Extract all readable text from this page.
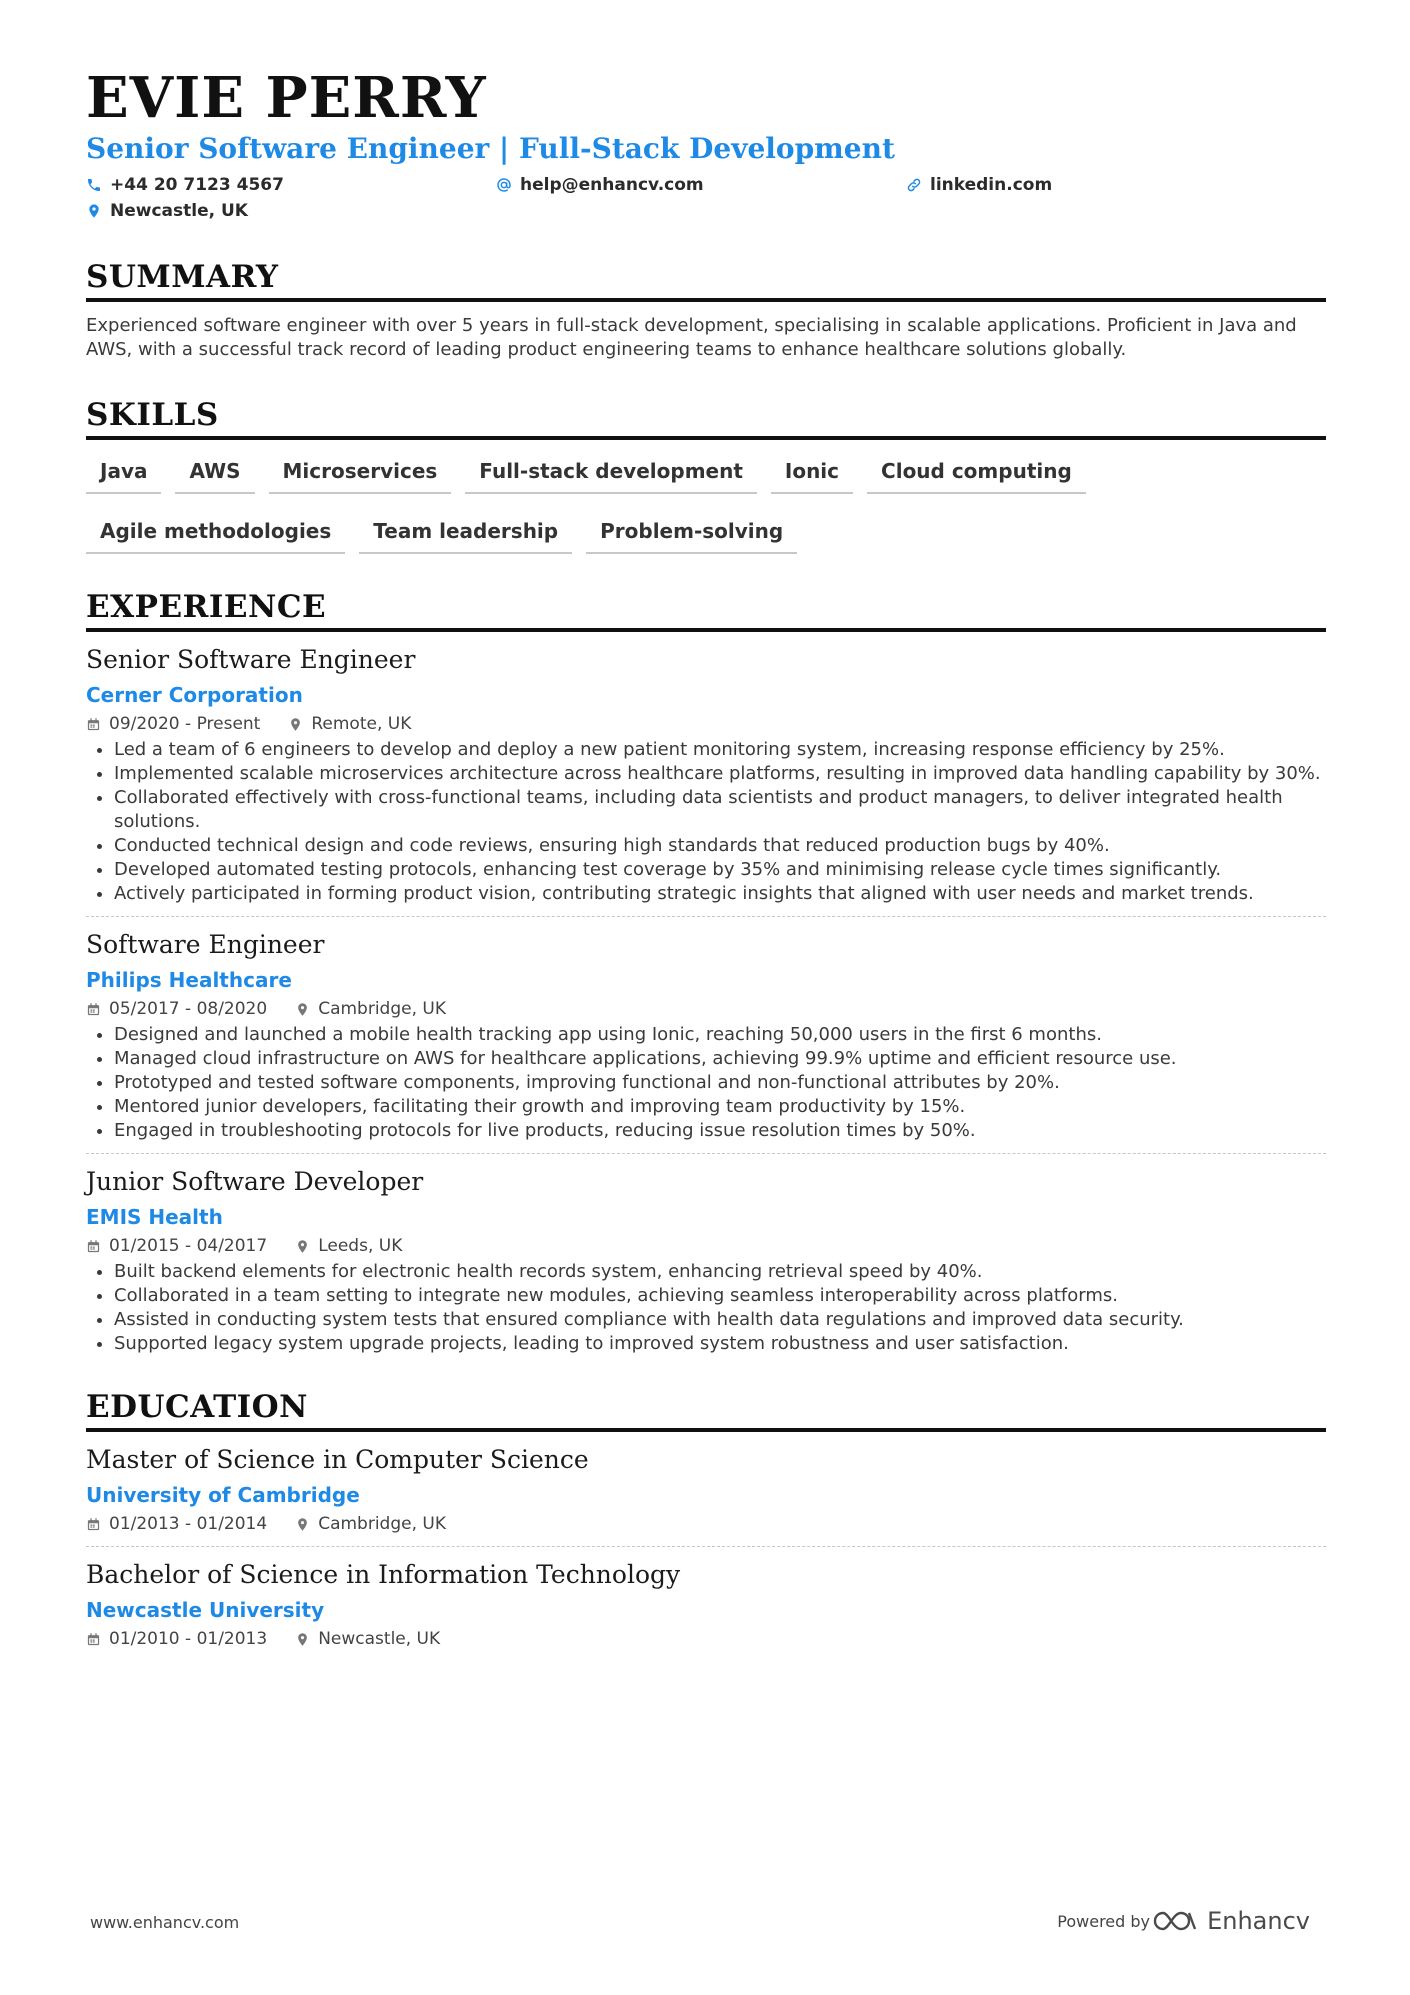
EVIE PERRY
Senior Software Engineer | Full-Stack Development
+44 20 7123 4567	help@enhancv.com	linkedin.com
Newcastle, UK
SUMMARY
Experienced software engineer with over 5 years in full-stack development, specialising in scalable applications. Proficient in Java and AWS, with a successful track record of leading product engineering teams to enhance healthcare solutions globally.
SKILLS
Java	AWS	Microservices	Full-stack development	Ionic	Cloud computing
Agile methodologies	Team leadership	Problem-solving
EXPERIENCE
Senior Software Engineer
Cerner Corporation
09/2020 - Present	Remote, UK
• Led a team of 6 engineers to develop and deploy a new patient monitoring system, increasing response efficiency by 25%.
• Implemented scalable microservices architecture across healthcare platforms, resulting in improved data handling capability by 30%.
• Collaborated effectively with cross-functional teams, including data scientists and product managers, to deliver integrated health solutions.
• Conducted technical design and code reviews, ensuring high standards that reduced production bugs by 40%.
• Developed automated testing protocols, enhancing test coverage by 35% and minimising release cycle times significantly.
• Actively participated in forming product vision, contributing strategic insights that aligned with user needs and market trends.
Software Engineer
Philips Healthcare
05/2017 - 08/2020	Cambridge, UK
• Designed and launched a mobile health tracking app using Ionic, reaching 50,000 users in the first 6 months.
• Managed cloud infrastructure on AWS for healthcare applications, achieving 99.9% uptime and efficient resource use.
• Prototyped and tested software components, improving functional and non-functional attributes by 20%.
• Mentored junior developers, facilitating their growth and improving team productivity by 15%.
• Engaged in troubleshooting protocols for live products, reducing issue resolution times by 50%.
Junior Software Developer
EMIS Health
01/2015 - 04/2017	Leeds, UK
• Built backend elements for electronic health records system, enhancing retrieval speed by 40%.
• Collaborated in a team setting to integrate new modules, achieving seamless interoperability across platforms.
• Assisted in conducting system tests that ensured compliance with health data regulations and improved data security.
• Supported legacy system upgrade projects, leading to improved system robustness and user satisfaction.
EDUCATION
Master of Science in Computer Science
University of Cambridge
01/2013 - 01/2014	Cambridge, UK
Bachelor of Science in Information Technology
Newcastle University
01/2010 - 01/2013	Newcastle, UK
www.enhancv.com	Powered by Enhancv
